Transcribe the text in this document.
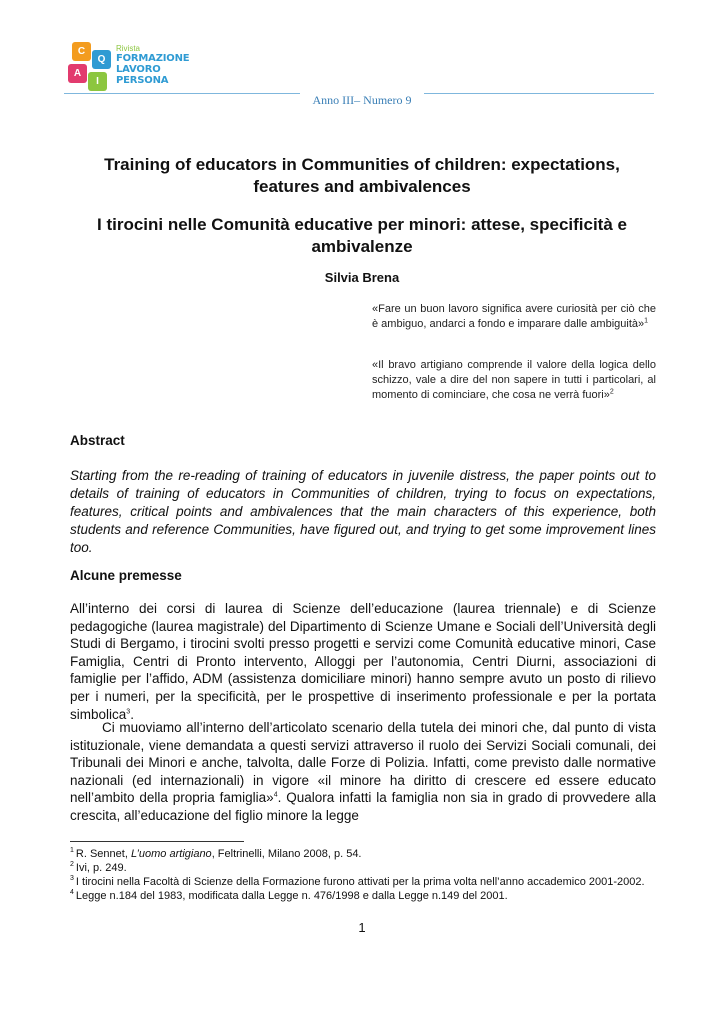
C
Q
A
I
Rivista
FORMAZIONE
LAVORO
PERSONA
Anno III– Numero 9
Training of educators in Communities of children: expectations, features and ambivalences
I tirocini nelle Comunità educative per minori: attese, specificità e ambivalenze
Silvia Brena

«Fare un buon lavoro significa avere curiosità per ciò che è ambiguo, andarci a fondo e imparare dalle ambiguità»$^1$

«Il bravo artigiano comprende il valore della logica dello schizzo, vale a dire del non sapere in tutti i particolari, al momento di cominciare, che cosa ne verrà fuori»$^2$

Abstract

Starting from the re-reading of training of educators in juvenile distress, the paper points out to details of training of educators in Communities of children, trying to focus on expectations, features, critical points and ambivalences that the main characters of this experience, both students and reference Communities, have figured out, and trying to get some improvement lines too.

Alcune premesse

All’interno dei corsi di laurea di Scienze dell’educazione (laurea triennale) e di Scienze pedagogiche (laurea magistrale) del Dipartimento di Scienze Umane e Sociali dell’Università degli Studi di Bergamo, i tirocini svolti presso progetti e servizi come Comunità educative minori, Case Famiglia, Centri di Pronto intervento, Alloggi per l’autonomia, Centri Diurni, associazioni di famiglie per l’affido, ADM (assistenza domiciliare minori) hanno sempre avuto un posto di rilievo per i numeri, per la specificità, per le prospettive di inserimento professionale e per la portata simbolica$^3$.

Ci muoviamo all’interno dell’articolato scenario della tutela dei minori che, dal punto di vista istituzionale, viene demandata a questi servizi attraverso il ruolo dei Servizi Sociali comunali, dei Tribunali dei Minori e anche, talvolta, dalle Forze di Polizia. Infatti, come previsto dalle normative nazionali (ed internazionali) in vigore «il minore ha diritto di crescere ed essere educato nell’ambito della propria famiglia»$^4$. Qualora infatti la famiglia non sia in grado di provvedere alla crescita, all’educazione del figlio minore la legge

$^1$ R. Sennet, L’uomo artigiano, Feltrinelli, Milano 2008, p. 54.
$^2$ Ivi, p. 249.
$^3$ I tirocini nella Facoltà di Scienze della Formazione furono attivati per la prima volta nell’anno accademico 2001-2002.
$^4$ Legge n.184 del 1983, modificata dalla Legge n. 476/1998 e dalla Legge n.149 del 2001.
1
